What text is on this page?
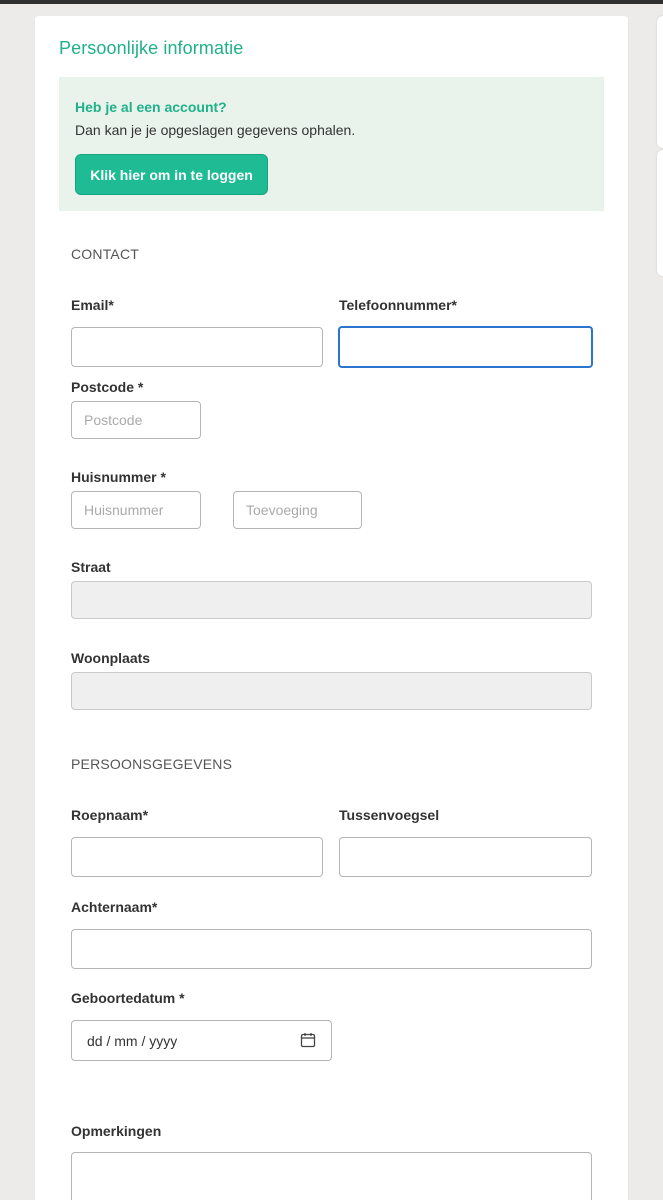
Persoonlijke informatie
Heb je al een account?
Dan kan je je opgeslagen gegevens ophalen.
Klik hier om in te loggen
CONTACT
Email*	Telefoonnummer*
Postcode *
Postcode
Huisnummer *
Huisnummer
Toevoeging
Straat
Woonplaats
PERSOONSGEGEVENS
Roepnaam*	Tussenvoegsel
Achternaam*
Geboortedatum *
dd / mm / yyyy
Opmerkingen
